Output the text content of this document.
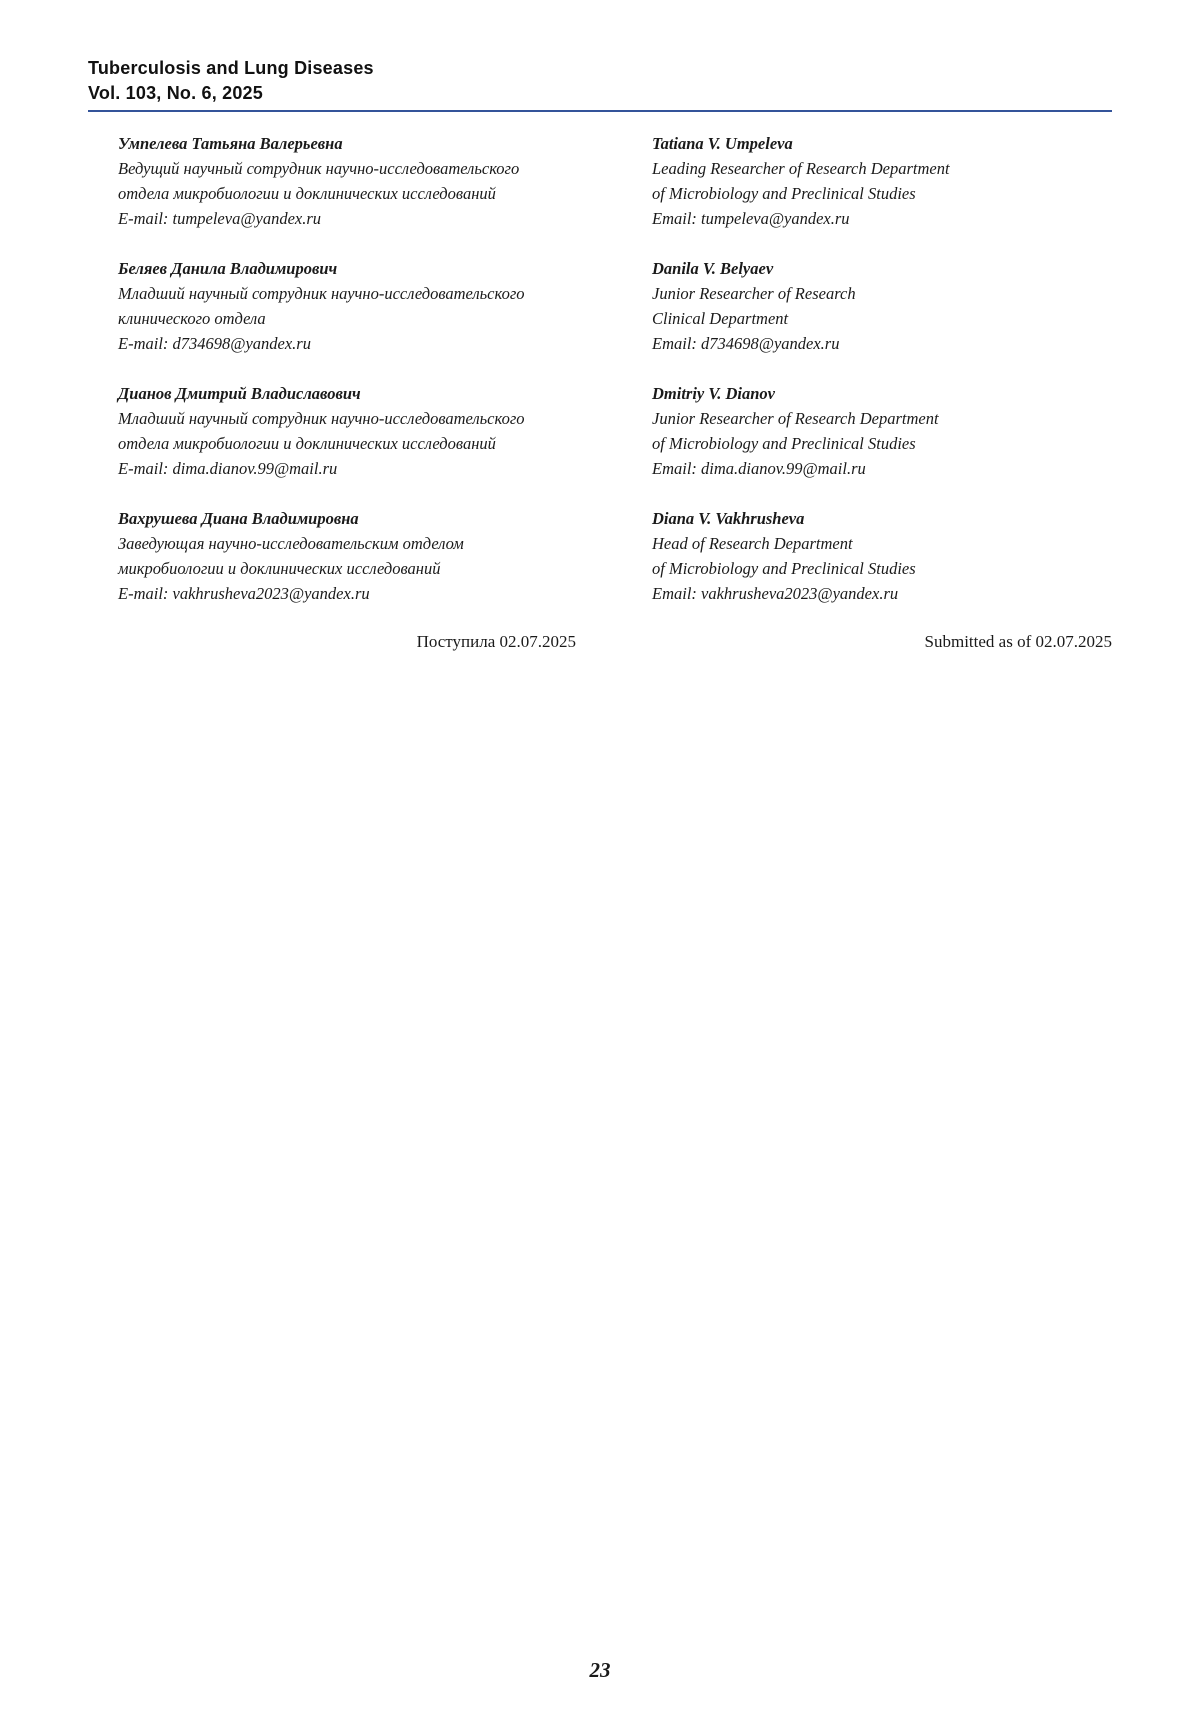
Tuberculosis and Lung Diseases
Vol. 103, No. 6, 2025
Умпелева Татьяна Валерьевна
Ведущий научный сотрудник научно-исследовательского
отдела микробиологии и доклинических исследований
E-mail: tumpeleva@yandex.ru
Tatiana V. Umpeleva
Leading Researcher of Research Department
of Microbiology and Preclinical Studies
Email: tumpeleva@yandex.ru
Беляев Данила Владимирович
Младший научный сотрудник научно-исследовательского
клинического отдела
E-mail: d734698@yandex.ru
Danila V. Belyaev
Junior Researcher of Research
Clinical Department
Email: d734698@yandex.ru
Дианов Дмитрий Владиславович
Младший научный сотрудник научно-исследовательского
отдела микробиологии и доклинических исследований
E-mail: dima.dianov.99@mail.ru
Dmitriy V. Dianov
Junior Researcher of Research Department
of Microbiology and Preclinical Studies
Email: dima.dianov.99@mail.ru
Вахрушева Диана Владимировна
Заведующая научно-исследовательским отделом
микробиологии и доклинических исследований
E-mail: vakhrusheva2023@yandex.ru
Diana V. Vakhrusheva
Head of Research Department
of Microbiology and Preclinical Studies
Email: vakhrusheva2023@yandex.ru
Поступила 02.07.2025	Submitted as of 02.07.2025
23
